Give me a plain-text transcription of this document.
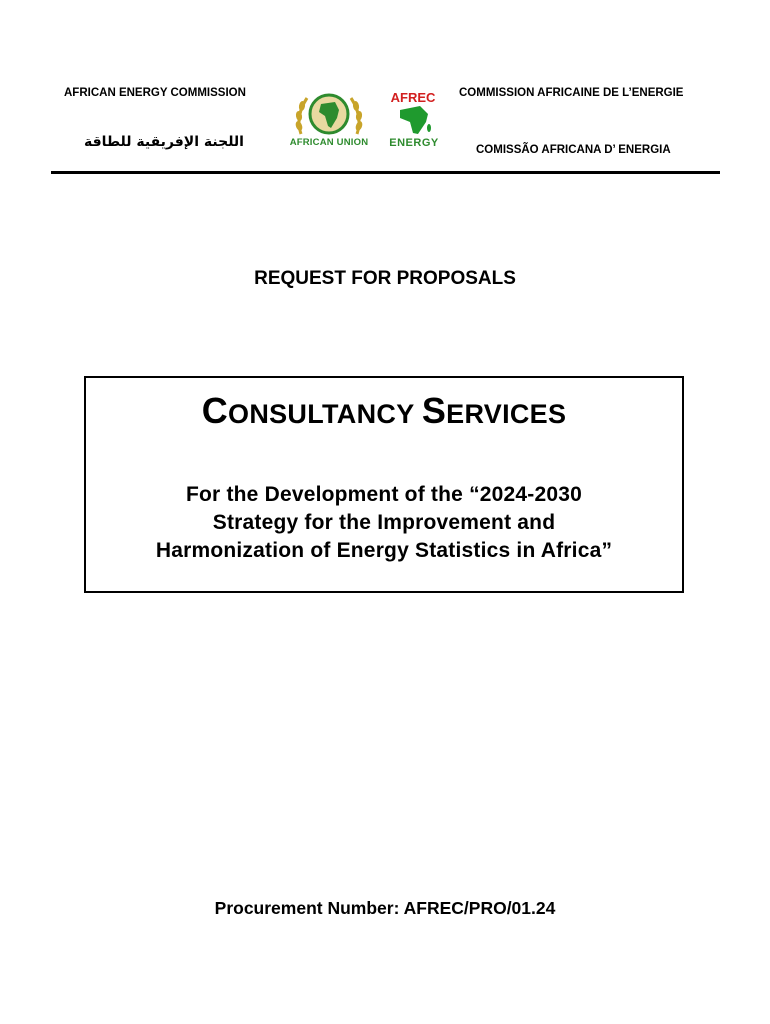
AFRICAN ENERGY COMMISSION
اللجنة الإفريقية للطاقة	AFRICAN UNION
AFREC
ENERGY
COMMISSION AFRICAINE DE L’ENERGIE
COMISSÃO AFRICANA D’ ENERGIA
REQUEST FOR PROPOSALS
CONSULTANCY SERVICES
For the Development of the “2024-2030
Strategy for the Improvement and
Harmonization of Energy Statistics in Africa”
Procurement Number: AFREC/PRO/01.24
